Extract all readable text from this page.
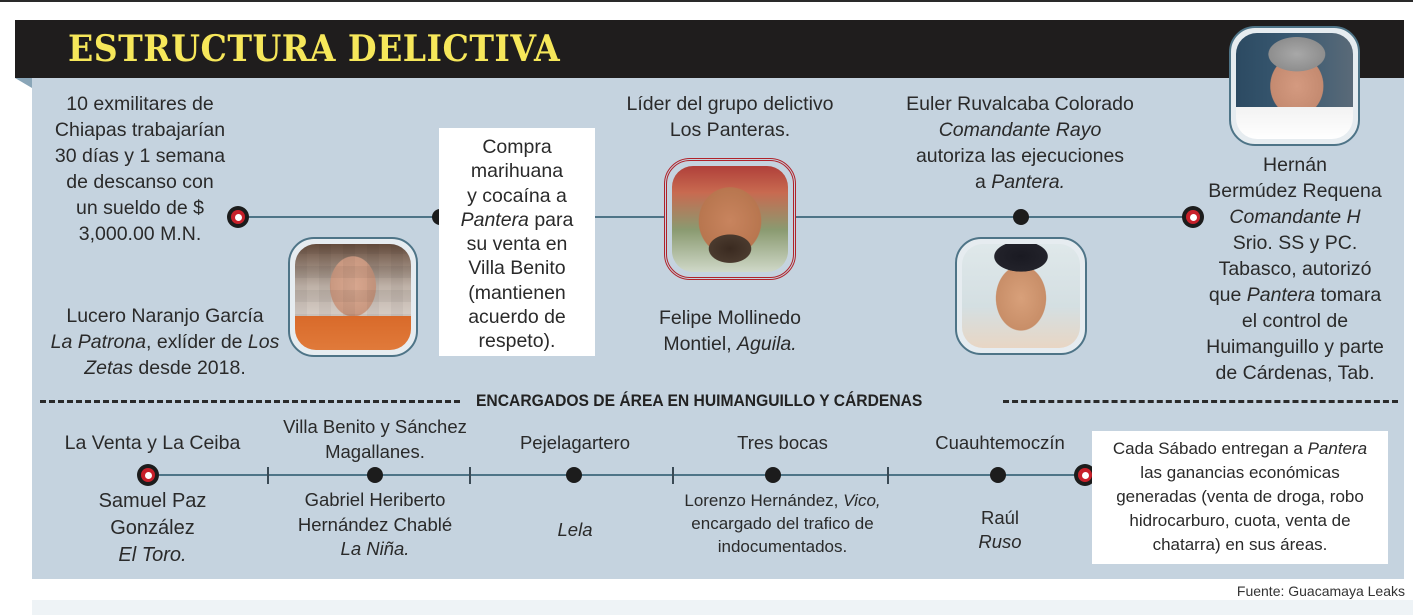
ESTRUCTURA DELICTIVA
10 exmilitares de
Chiapas trabajarían
30 días y 1 semana
de descanso con
un sueldo de $
3,000.00 M.N.
Lucero Naranjo García
La Patrona, exlíder de Los
Zetas desde 2018.
Compra
marihuana
y cocaína a
Pantera para
su venta en
Villa Benito
(mantienen
acuerdo de
respeto).
Líder del grupo delictivo
Los Panteras.
Felipe Mollinedo
Montiel, Aguila.
Euler Ruvalcaba Colorado
Comandante Rayo
autoriza las ejecuciones
a Pantera.
Hernán
Bermúdez Requena
Comandante H
Srio. SS y PC.
Tabasco, autorizó
que Pantera tomara
el control de
Huimanguillo y parte
de Cárdenas, Tab.
ENCARGADOS DE ÁREA EN HUIMANGUILLO Y CÁRDENAS
La Venta y La Ceiba
Samuel Paz
González
El Toro.
Villa Benito y Sánchez
Magallanes.
Gabriel Heriberto
Hernández Chablé
La Niña.
Pejelagartero
Lela
Tres bocas
Lorenzo Hernández, Vico,
encargado del trafico de
indocumentados.
Cuauhtemoczín
Raúl
Ruso
Cada Sábado entregan a Pantera
las ganancias económicas
generadas (venta de droga, robo
hidrocarburo, cuota, venta de
chatarra) en sus áreas.
Fuente: Guacamaya Leaks
